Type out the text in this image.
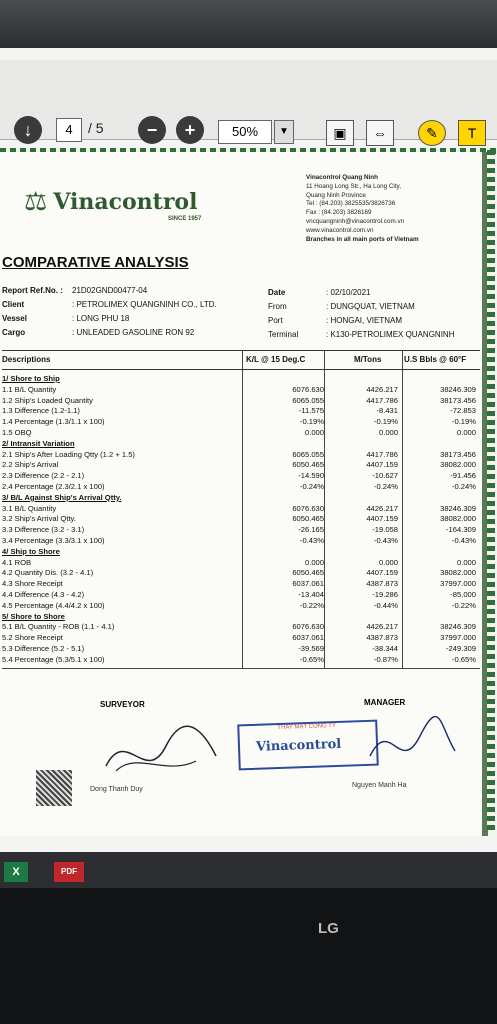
↓	4	/ 5 − +	50%	▼	▣	⇔	✎	T
⚖ Vinacontrol
SINCE 1957
Vinacontrol Quang Ninh
11 Hoang Long Str., Ha Long City,
Quang Ninh Province
Tel : (84.203) 3825535/3826736
Fax : (84.203) 3826169
vncquangninh@vinacontrol.com.vn
www.vinacontrol.com.vn
Branches in all main ports of Vietnam
COMPARATIVE ANALYSIS
Report Ref.No. : 21D02GND00477-04
Client	: PETROLIMEX QUANGNINH CO., LTD.
Vessel	: LONG PHU 18
Cargo	: UNLEADED GASOLINE RON 92
Date	: 02/10/2021
From	: DUNGQUAT, VIETNAM
Port	: HONGAI, VIETNAM
Terminal	: K130-PETROLIMEX QUANGNINH
Descriptions	K/L @ 15 Deg.C	M/Tons	U.S Bbls @ 60°F
1/ Shore to Ship
1.1 B/L Quantity	6076.630	4426.217	38246.309
1.2 Ship's Loaded Quantity	6065.055	4417.786	38173.456
1.3 Difference (1.2-1.1)	-11.575	-8.431	-72.853
1.4 Percentage (1.3/1.1 x 100)	-0.19%	-0.19%	-0.19%
1.5 OBQ	0.000	0.000	0.000
2/ Intransit Variation
2.1 Ship's After Loading Qtty (1.2 + 1.5)	6065.055	4417.786	38173.456
2.2 Ship's Arrival	6050.465	4407.159	38082.000
2.3 Difference (2.2 - 2.1)	-14.590	-10.627	-91.456
2.4 Percentage (2.3/2.1 x 100)	-0.24%	-0.24%	-0.24%
3/ B/L Against Ship's Arrival Qtty.
3.1 B/L Quantity	6076.630	4426.217	38246.309
3.2 Ship's Arrival Qtty.	6050.465	4407.159	38082.000
3.3 Difference (3.2 - 3.1)	-26.165	-19.058	-164.309
3.4 Percentage (3.3/3.1 x 100)	-0.43%	-0.43%	-0.43%
4/ Ship to Shore
4.1 ROB	0.000	0.000	0.000
4.2 Quantity Dis. (3.2 - 4.1)	6050.465	4407.159	38082.000
4.3 Shore Receipt	6037.061	4387.873	37997.000
4.4 Difference (4.3 - 4.2)	-13.404	-19.286	-85.000
4.5 Percentage (4.4/4.2 x 100)	-0.22%	-0.44%	-0.22%
5/ Shore to Shore
5.1 B/L Quantity - ROB (1.1 - 4.1)	6076.630	4426.217	38246.309
5.2 Shore Receipt	6037.061	4387.873	37997.000
5.3 Difference (5.2 - 5.1)	-39.569	-38.344	-249.309
5.4 Percentage (5.3/5.1 x 100)	-0.65%	-0.87%	-0.65%
SURVEYOR	MANAGER
THAY MẶT CÔNG TY
Vinacontrol
Dong Thanh Duy
Nguyen Manh Ha
X	PDF
LG
